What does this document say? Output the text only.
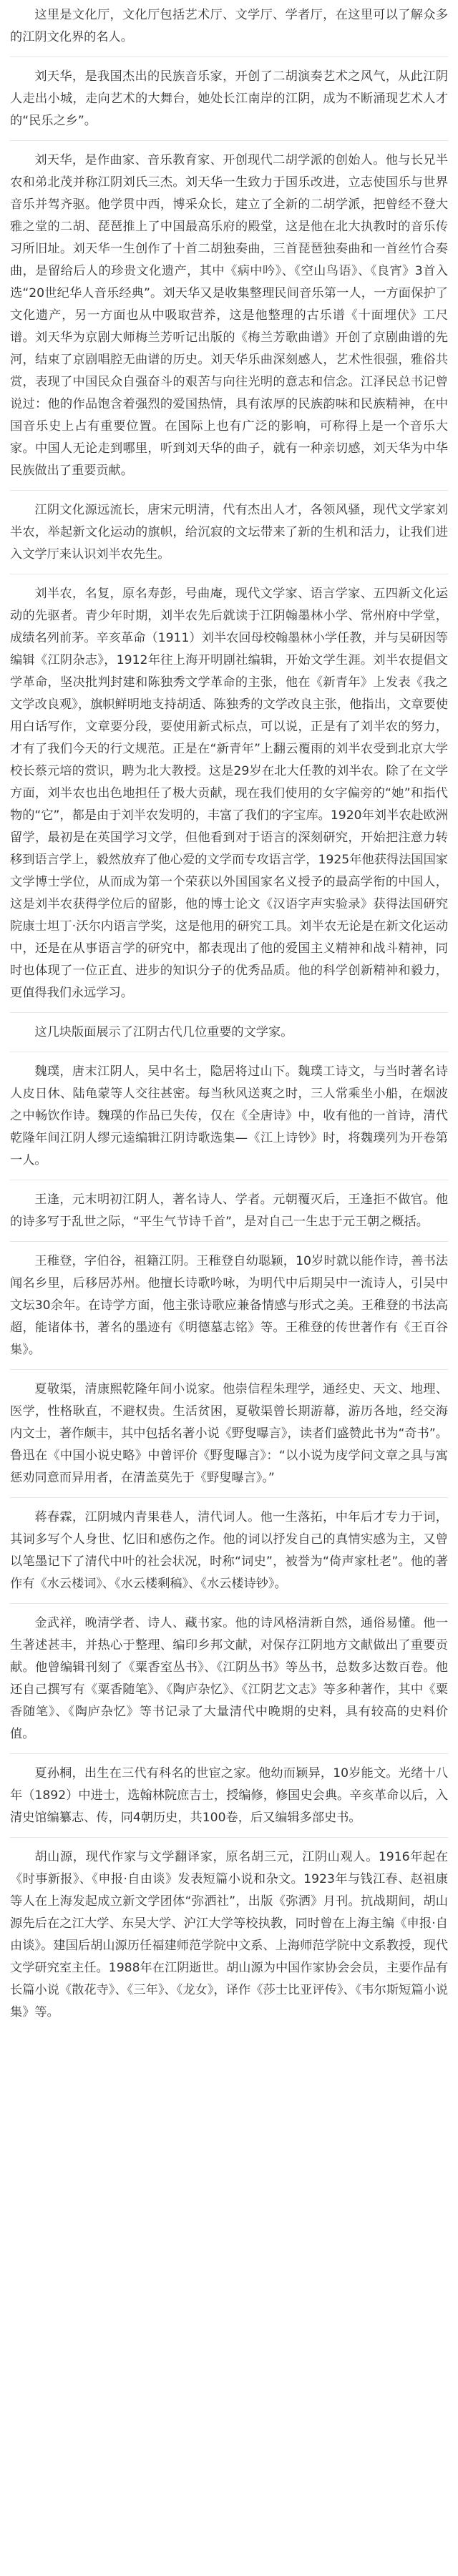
这里是文化厅，文化厅包括艺术厅、文学厅、学者厅，在这里可以了解众多的江阴文化界的名人。

刘天华，是我国杰出的民族音乐家，开创了二胡演奏艺术之风气，从此江阴人走出小城，走向艺术的大舞台，她处长江南岸的江阴，成为不断涌现艺术人才的“民乐之乡”。

刘天华，是作曲家、音乐教育家、开创现代二胡学派的创始人。他与长兄半农和弟北茂并称江阴刘氏三杰。刘天华一生致力于国乐改进，立志使国乐与世界音乐并驾齐驱。他学贯中西，博采众长，建立了全新的二胡学派，把曾经不登大雅之堂的二胡、琵琶推上了中国最高乐府的殿堂，这是他在北大执教时的音乐传习所旧址。刘天华一生创作了十首二胡独奏曲，三首琵琶独奏曲和一首丝竹合奏曲，是留给后人的珍贵文化遗产，其中《病中吟》、《空山鸟语》、《良宵》3首入选“20世纪华人音乐经典”。刘天华又是收集整理民间音乐第一人，一方面保护了文化遗产，另一方面也从中吸取营养，这是他整理的古乐谱《十面埋伏》工尺谱。刘天华为京剧大师梅兰芳听记出版的《梅兰芳歌曲谱》开创了京剧曲谱的先河，结束了京剧唱腔无曲谱的历史。刘天华乐曲深刻感人，艺术性很强，雅俗共赏，表现了中国民众自强奋斗的艰苦与向往光明的意志和信念。江泽民总书记曾说过：他的作品饱含着强烈的爱国热情，具有浓厚的民族韵味和民族精神，在中国音乐史上占有重要位置。在国际上也有广泛的影响，可称得上是一个音乐大家。中国人无论走到哪里，听到刘天华的曲子，就有一种亲切感，刘天华为中华民族做出了重要贡献。

江阴文化源远流长，唐宋元明清，代有杰出人才，各领风骚，现代文学家刘半农，举起新文化运动的旗帜，给沉寂的文坛带来了新的生机和活力，让我们进入文学厅来认识刘半农先生。

刘半农，名复，原名寿彭，号曲庵，现代文学家、语言学家、五四新文化运动的先驱者。青少年时期，刘半农先后就读于江阴翰墨林小学、常州府中学堂，成绩名列前茅。辛亥革命（1911）刘半农回母校翰墨林小学任教，并与吴研因等编辑《江阴杂志》，1912年往上海开明剧社编辑，开始文学生涯。刘半农提倡文学革命，坚决批判封建和陈独秀文学革命的主张，他在《新青年》上发表《我之文学改良观》，旗帜鲜明地支持胡适、陈独秀的文学改良主张，他指出，文章要使用白话写作，文章要分段，要使用新式标点，可以说，正是有了刘半农的努力，才有了我们今天的行文规范。正是在“新青年”上翻云覆雨的刘半农受到北京大学校长蔡元培的赏识，聘为北大教授。这是29岁在北大任教的刘半农。除了在文学方面，刘半农也出色地担任了极大贡献，现在我们使用的女字偏旁的“她”和指代物的“它”，都是由于刘半农发明的，丰富了我们的字宝库。1920年刘半农赴欧洲留学，最初是在英国学习文学，但他看到对于语言的深刻研究，开始把注意力转移到语言学上，毅然放弃了他心爱的文学而专攻语言学，1925年他获得法国国家文学博士学位，从而成为第一个荣获以外国国家名义授予的最高学衔的中国人，这是刘半农获得学位后的留影，他的博士论文《汉语字声实验录》获得法国研究院康士坦丁·沃尔内语言学奖，这是他用的研究工具。刘半农无论是在新文化运动中，还是在从事语言学的研究中，都表现出了他的爱国主义精神和战斗精神，同时也体现了一位正直、进步的知识分子的优秀品质。他的科学创新精神和毅力，更值得我们永远学习。

这几块版面展示了江阴古代几位重要的文学家。

魏璞，唐末江阴人，吴中名士，隐居将过山下。魏璞工诗文，与当时著名诗人皮日休、陆龟蒙等人交往甚密。每当秋风送爽之时，三人常乘坐小船，在烟波之中畅饮作诗。魏璞的作品已失传，仅在《全唐诗》中，收有他的一首诗，清代乾隆年间江阴人缪元逵编辑江阴诗歌选集—《江上诗钞》时，将魏璞列为开卷第一人。

王逢，元末明初江阴人，著名诗人、学者。元朝覆灭后，王逢拒不做官。他的诗多写于乱世之际，“平生气节诗千首”，是对自己一生忠于元王朝之概括。

王稚登，字伯谷，祖籍江阴。王稚登自幼聪颖，10岁时就以能作诗，善书法闻名乡里，后移居苏州。他擅长诗歌吟咏，为明代中后期吴中一流诗人，引吴中文坛30余年。在诗学方面，他主张诗歌应兼备情感与形式之美。王稚登的书法高超，能诸体书，著名的墨迹有《明德墓志铭》等。王稚登的传世著作有《王百谷集》。

夏敬渠，清康熙乾隆年间小说家。他崇信程朱理学，通经史、天文、地理、医学，性格耿直，不避权贵。生活贫困，夏敬渠曾长期游幕，游历各地，经交海内文士，著作颇丰，其中包括名著小说《野叟曝言》，读者们盛赞此书为“奇书”。鲁迅在《中国小说史略》中曾评价《野叟曝言》：“以小说为庋学问文章之具与寓惩劝同意而异用者，在清盖莫先于《野叟曝言》。”

蒋春霖，江阴城内青果巷人，清代词人。他一生落拓，中年后才专力于词，其词多写个人身世、忆旧和感伤之作。他的词以抒发自己的真情实感为主，又曾以笔墨记下了清代中叶的社会状况，时称“词史”，被誉为“倚声家杜老”。他的著作有《水云楼词》、《水云楼剩稿》、《水云楼诗钞》。

金武祥，晚清学者、诗人、藏书家。他的诗风格清新自然，通俗易懂。他一生著述甚丰，并热心于整理、编印乡邦文献，对保存江阴地方文献做出了重要贡献。他曾编辑刊刻了《粟香室丛书》、《江阴丛书》等丛书，总数多达数百卷。他还自己撰写有《粟香随笔》、《陶庐杂忆》、《江阴艺文志》等多种著作，其中《粟香随笔》、《陶庐杂忆》等书记录了大量清代中晚期的史料，具有较高的史料价值。

夏孙桐，出生在三代有科名的世宦之家。他幼而颖异，10岁能文。光绪十八年（1892）中进士，选翰林院庶吉士，授编修，修国史会典。辛亥革命以后，入清史馆编纂志、传，同4朝历史，共100卷，后又编辑多部史书。

胡山源，现代作家与文学翻译家，原名胡三元，江阴山观人。1916年起在《时事新报》、《申报·自由谈》发表短篇小说和杂文。1923年与钱江春、赵祖康等人在上海发起成立新文学团体“弥洒社”，出版《弥洒》月刊。抗战期间，胡山源先后在之江大学、东吴大学、沪江大学等校执教，同时曾在上海主编《申报·自由谈》。建国后胡山源历任福建师范学院中文系、上海师范学院中文系教授，现代文学研究室主任。1988年在江阴逝世。胡山源为中国作家协会会员，主要作品有长篇小说《散花寺》、《三年》、《龙女》，译作《莎士比亚评传》、《韦尔斯短篇小说集》等。
